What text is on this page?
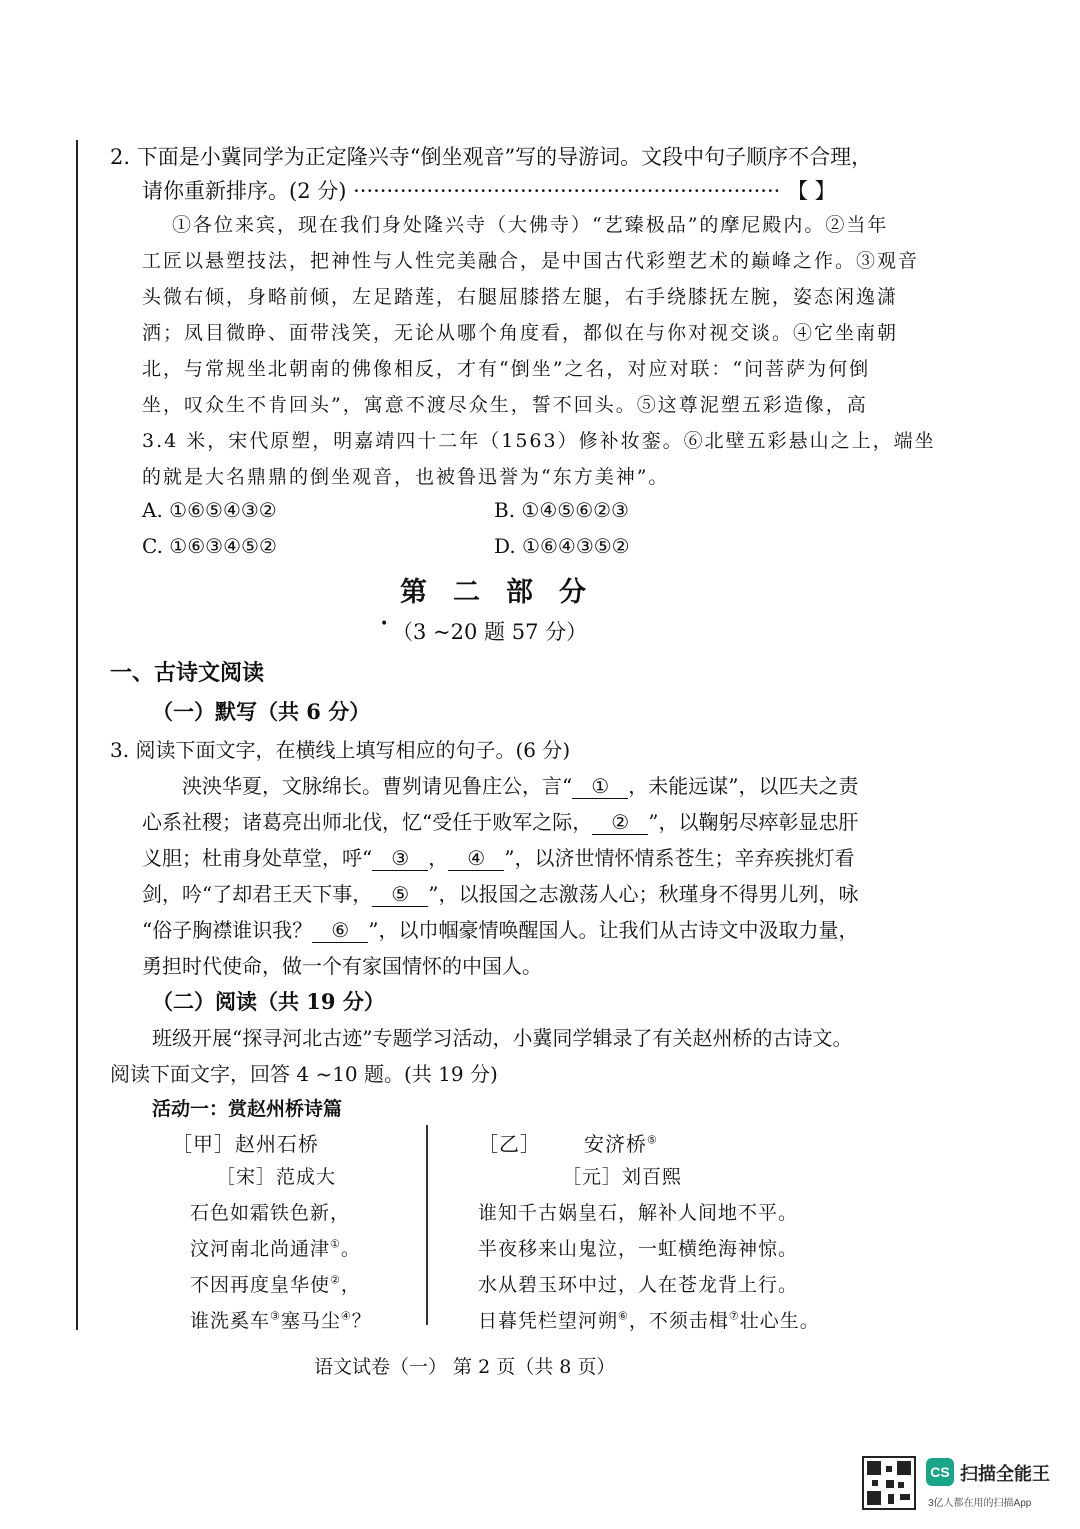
2. 下面是小冀同学为正定隆兴寺“倒坐观音”写的导游词。文段中句子顺序不合理，
请你重新排序。(2 分) ································································ 【 】
①各位来宾，现在我们身处隆兴寺（大佛寺）“艺臻极品”的摩尼殿内。②当年
工匠以悬塑技法，把神性与人性完美融合，是中国古代彩塑艺术的巅峰之作。③观音
头微右倾，身略前倾，左足踏莲，右腿屈膝搭左腿，右手绕膝抚左腕，姿态闲逸潇
洒；凤目微睁、面带浅笑，无论从哪个角度看，都似在与你对视交谈。④它坐南朝
北，与常规坐北朝南的佛像相反，才有“倒坐”之名，对应对联：“问菩萨为何倒
坐，叹众生不肯回头”，寓意不渡尽众生，誓不回头。⑤这尊泥塑五彩造像，高
3.4 米，宋代原塑，明嘉靖四十二年（1563）修补妆銮。⑥北壁五彩悬山之上，端坐
的就是大名鼎鼎的倒坐观音，也被鲁迅誉为“东方美神”。
A. ①⑥⑤④③②	B. ①④⑤⑥②③
C. ①⑥③④⑤②	D. ①⑥④③⑤②
第二部分
• （3 ~20 题 57 分）
一、古诗文阅读
（一）默写（共 6 分）
3. 阅读下面文字，在横线上填写相应的句子。(6 分)
泱泱华夏，文脉绵长。曹刿请见鲁庄公，言“ ① ，未能远谋”，以匹夫之责
心系社稷；诸葛亮出师北伐，忆“受任于败军之际， ② ”，以鞠躬尽瘁彰显忠肝
义胆；杜甫身处草堂，呼“ ③ ， ④ ”，以济世情怀情系苍生；辛弃疾挑灯看
剑，吟“了却君王天下事， ⑤ ”，以报国之志激荡人心；秋瑾身不得男儿列，咏
“俗子胸襟谁识我？ ⑥ ”，以巾帼豪情唤醒国人。让我们从古诗文中汲取力量，
勇担时代使命，做一个有家国情怀的中国人。
（二）阅读（共 19 分）
班级开展“探寻河北古迹”专题学习活动，小冀同学辑录了有关赵州桥的古诗文。
阅读下面文字，回答 4 ~10 题。(共 19 分)
活动一：赏赵州桥诗篇
［甲］赵州石桥
［宋］范成大
石色如霜铁色新，
汶河南北尚通津①。
不因再度皇华使②，
谁洗奚车③塞马尘④？
［乙］ 安济桥⑤
［元］刘百熙
谁知千古娲皇石，解补人间地不平。
半夜移来山鬼泣，一虹横绝海神惊。
水从碧玉环中过，人在苍龙背上行。
日暮凭栏望河朔⑥，不须击楫⑦壮心生。
语文试卷（一） 第 2 页（共 8 页）
CS 扫描全能王
3亿人都在用的扫描App
